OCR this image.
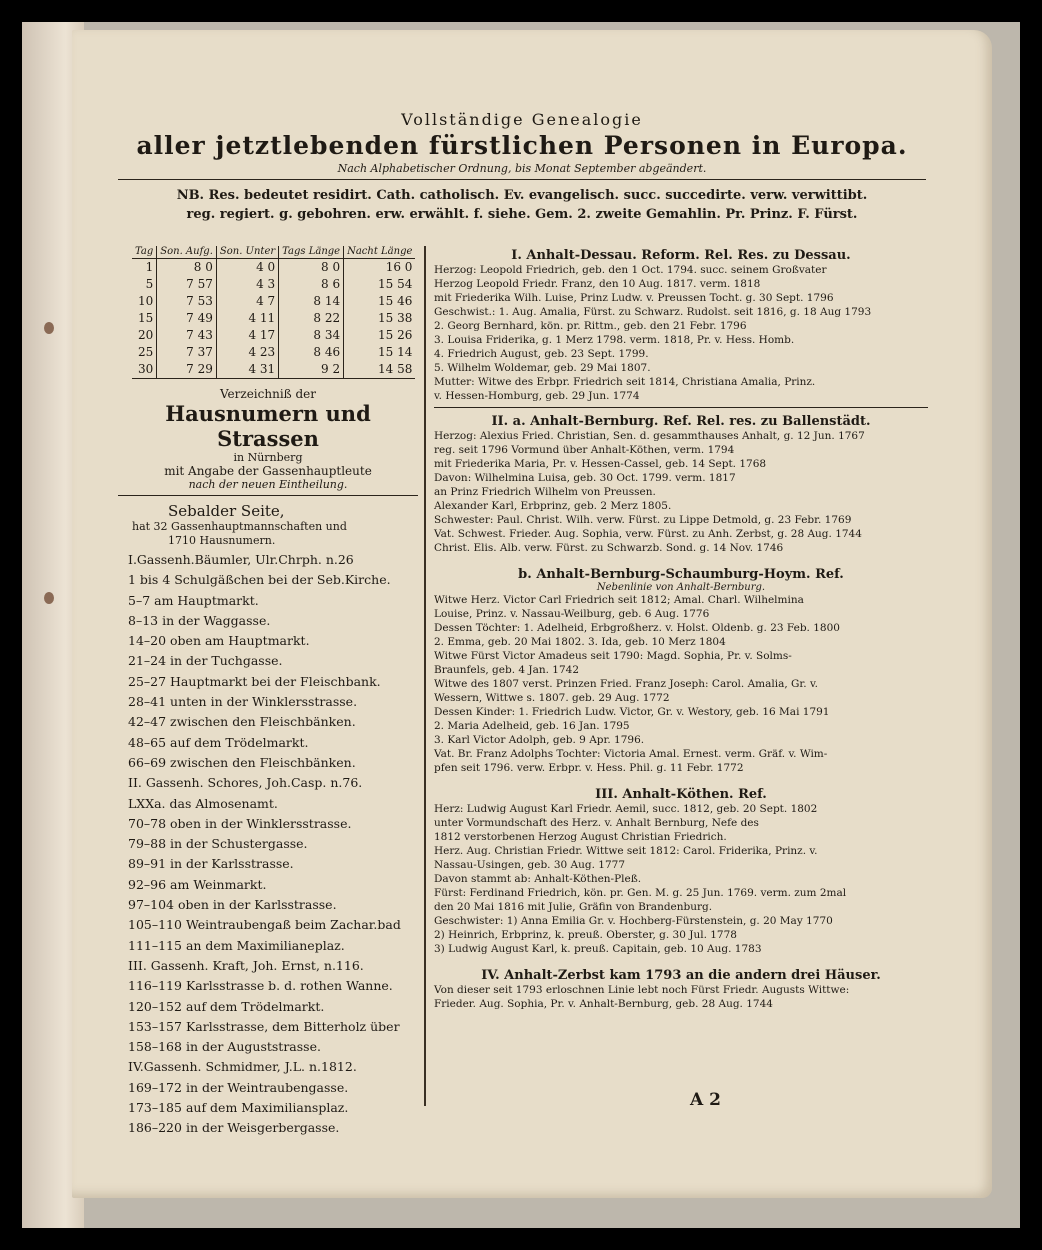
Vollständige Genealogie
aller jetztlebenden fürstlichen Personen in Europa.
Nach Alphabetischer Ordnung, bis Monat September abgeändert.
NB. Res. bedeutet residirt. Cath. catholisch. Ev. evangelisch. succ. succedirte. verw. verwittibt.
reg. regiert. g. gebohren. erw. erwählt. f. siehe. Gem. 2. zweite Gemahlin. Pr. Prinz. F. Fürst.
Tag	Son. Aufg.	Son. Unter	Tags Länge	Nacht Länge
1	8 0	4 0	8 0	16 0
5	7 57	4 3	8 6	15 54
10	7 53	4 7	8 14	15 46
15	7 49	4 11	8 22	15 38
20	7 43	4 17	8 34	15 26
25	7 37	4 23	8 46	15 14
30	7 29	4 31	9 2	14 58
Verzeichniß der
Hausnumern und Strassen
in Nürnberg
mit Angabe der Gassenhauptleute
nach der neuen Eintheilung.
Sebalder Seite,
hat 32 Gassenhauptmannschaften und
1710 Hausnumern.
I.Gassenh.Bäumler, Ulr.Chrph. n.26
1 bis 4 Schulgäßchen bei der Seb.Kirche.
5–7 am Hauptmarkt.
8–13 in der Waggasse.
14–20 oben am Hauptmarkt.
21–24 in der Tuchgasse.
25–27 Hauptmarkt bei der Fleischbank.
28–41 unten in der Winklersstrasse.
42–47 zwischen den Fleischbänken.
48–65 auf dem Trödelmarkt.
66–69 zwischen den Fleischbänken.
II. Gassenh. Schores, Joh.Casp. n.76.
LXXa. das Almosenamt.
70–78 oben in der Winklersstrasse.
79–88 in der Schustergasse.
89–91 in der Karlsstrasse.
92–96 am Weinmarkt.
97–104 oben in der Karlsstrasse.
105–110 Weintraubengaß beim Zachar.bad
111–115 an dem Maximilianeplaz.
III. Gassenh. Kraft, Joh. Ernst, n.116.
116–119 Karlsstrasse b. d. rothen Wanne.
120–152 auf dem Trödelmarkt.
153–157 Karlsstrasse, dem Bitterholz über
158–168 in der Auguststrasse.
IV.Gassenh. Schmidmer, J.L. n.1812.
169–172 in der Weintraubengasse.
173–185 auf dem Maximiliansplaz.
186–220 in der Weisgerbergasse.
I. Anhalt-Dessau. Reform. Rel. Res. zu Dessau.
Herzog: Leopold Friedrich, geb. den 1 Oct. 1794. succ. seinem Großvater
Herzog Leopold Friedr. Franz, den 10 Aug. 1817. verm. 1818
mit Friederika Wilh. Luise, Prinz Ludw. v. Preussen Tocht. g. 30 Sept. 1796
Geschwist.: 1. Aug. Amalia, Fürst. zu Schwarz. Rudolst. seit 1816, g. 18 Aug 1793
2. Georg Bernhard, kön. pr. Rittm., geb. den 21 Febr. 1796
3. Louisa Friderika, g. 1 Merz 1798. verm. 1818, Pr. v. Hess. Homb.
4. Friedrich August, geb. 23 Sept. 1799.
5. Wilhelm Woldemar, geb. 29 Mai 1807.
Mutter: Witwe des Erbpr. Friedrich seit 1814, Christiana Amalia, Prinz.
v. Hessen-Homburg, geb. 29 Jun. 1774
II. a. Anhalt-Bernburg. Ref. Rel. res. zu Ballenstädt.
Herzog: Alexius Fried. Christian, Sen. d. gesammthauses Anhalt, g. 12 Jun. 1767
reg. seit 1796 Vormund über Anhalt-Köthen, verm. 1794
mit Friederika Maria, Pr. v. Hessen-Cassel, geb. 14 Sept. 1768
Davon: Wilhelmina Luisa, geb. 30 Oct. 1799. verm. 1817
an Prinz Friedrich Wilhelm von Preussen.
Alexander Karl, Erbprinz, geb. 2 Merz 1805.
Schwester: Paul. Christ. Wilh. verw. Fürst. zu Lippe Detmold, g. 23 Febr. 1769
Vat. Schwest. Frieder. Aug. Sophia, verw. Fürst. zu Anh. Zerbst, g. 28 Aug. 1744
Christ. Elis. Alb. verw. Fürst. zu Schwarzb. Sond. g. 14 Nov. 1746
b. Anhalt-Bernburg-Schaumburg-Hoym. Ref.
Nebenlinie von Anhalt-Bernburg.
Witwe Herz. Victor Carl Friedrich seit 1812; Amal. Charl. Wilhelmina
Louise, Prinz. v. Nassau-Weilburg, geb. 6 Aug. 1776
Dessen Töchter: 1. Adelheid, Erbgroßherz. v. Holst. Oldenb. g. 23 Feb. 1800
2. Emma, geb. 20 Mai 1802. 3. Ida, geb. 10 Merz 1804
Witwe Fürst Victor Amadeus seit 1790: Magd. Sophia, Pr. v. Solms-
Braunfels, geb. 4 Jan. 1742
Witwe des 1807 verst. Prinzen Fried. Franz Joseph: Carol. Amalia, Gr. v.
Wessern, Wittwe s. 1807. geb. 29 Aug. 1772
Dessen Kinder: 1. Friedrich Ludw. Victor, Gr. v. Westory, geb. 16 Mai 1791
2. Maria Adelheid, geb. 16 Jan. 1795
3. Karl Victor Adolph, geb. 9 Apr. 1796.
Vat. Br. Franz Adolphs Tochter: Victoria Amal. Ernest. verm. Gräf. v. Wim-
pfen seit 1796. verw. Erbpr. v. Hess. Phil. g. 11 Febr. 1772
III. Anhalt-Köthen. Ref.
Herz: Ludwig August Karl Friedr. Aemil, succ. 1812, geb. 20 Sept. 1802
unter Vormundschaft des Herz. v. Anhalt Bernburg, Nefe des
1812 verstorbenen Herzog August Christian Friedrich.
Herz. Aug. Christian Friedr. Wittwe seit 1812: Carol. Friderika, Prinz. v.
Nassau-Usingen, geb. 30 Aug. 1777
Davon stammt ab: Anhalt-Köthen-Pleß.
Fürst: Ferdinand Friedrich, kön. pr. Gen. M. g. 25 Jun. 1769. verm. zum 2mal
den 20 Mai 1816 mit Julie, Gräfin von Brandenburg.
Geschwister: 1) Anna Emilia Gr. v. Hochberg-Fürstenstein, g. 20 May 1770
2) Heinrich, Erbprinz, k. preuß. Oberster, g. 30 Jul. 1778
3) Ludwig August Karl, k. preuß. Capitain, geb. 10 Aug. 1783
IV. Anhalt-Zerbst kam 1793 an die andern drei Häuser.
Von dieser seit 1793 erloschnen Linie lebt noch Fürst Friedr. Augusts Wittwe:
Frieder. Aug. Sophia, Pr. v. Anhalt-Bernburg, geb. 28 Aug. 1744
A 2
